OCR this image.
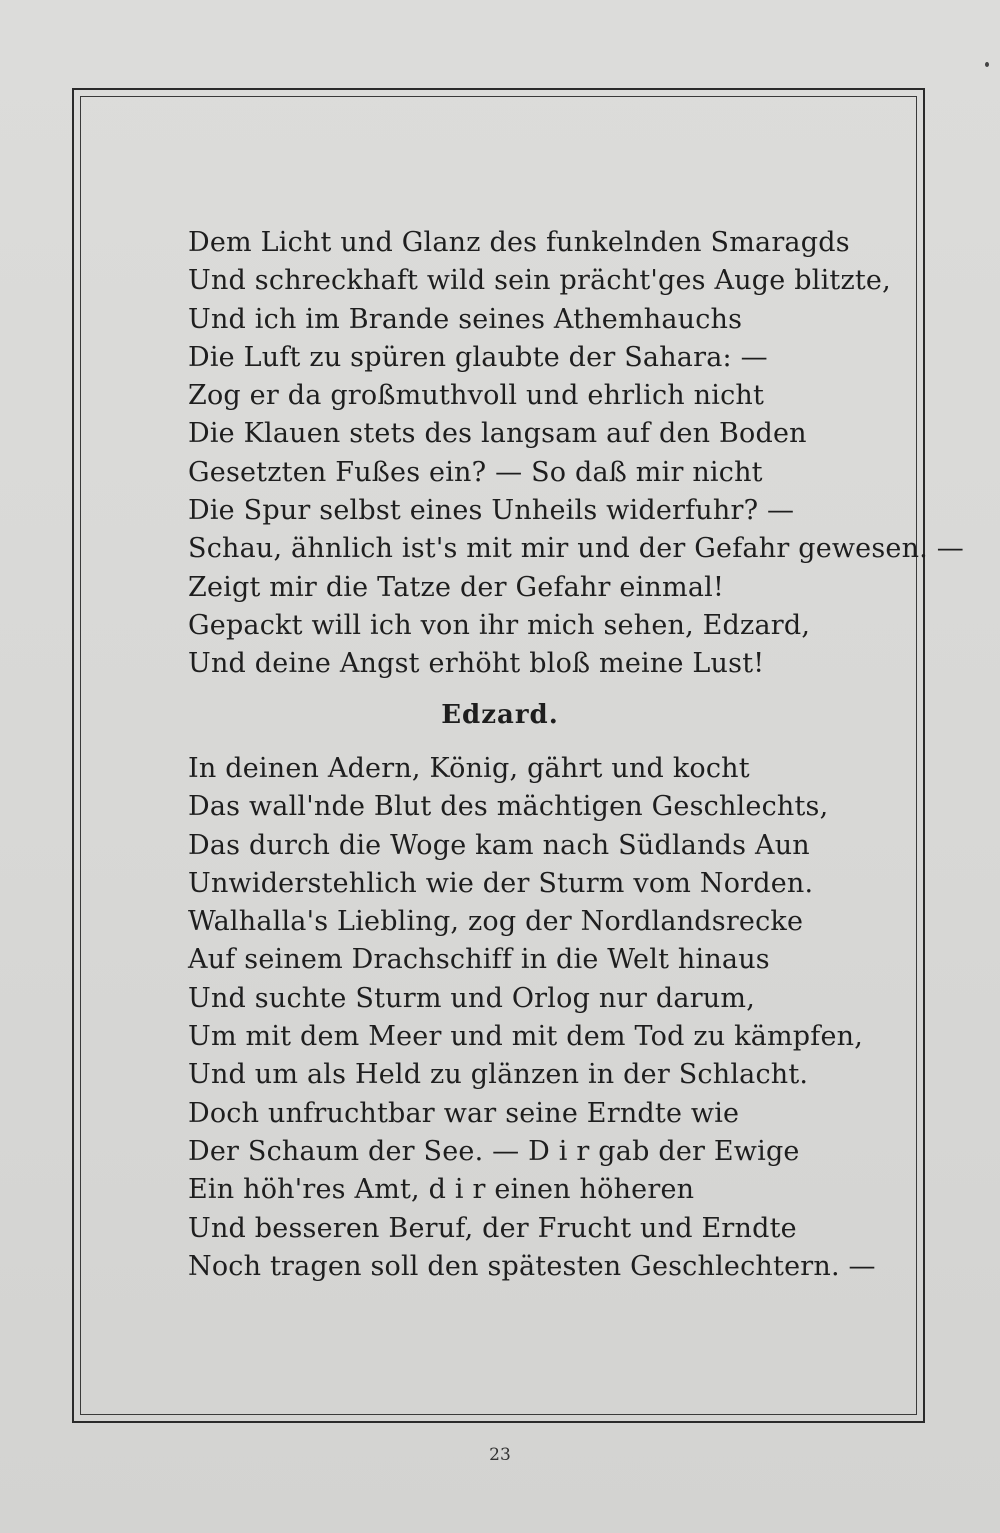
Dem Licht und Glanz des funkelnden Smaragds
Und schreckhaft wild sein prächt'ges Auge blitzte,
Und ich im Brande seines Athemhauchs
Die Luft zu spüren glaubte der Sahara: —
Zog er da großmuthvoll und ehrlich nicht
Die Klauen stets des langsam auf den Boden
Gesetzten Fußes ein? — So daß mir nicht
Die Spur selbst eines Unheils widerfuhr? —
Schau, ähnlich ist's mit mir und der Gefahr gewesen. —
Zeigt mir die Tatze der Gefahr einmal!
Gepackt will ich von ihr mich sehen, Edzard,
Und deine Angst erhöht bloß meine Lust!
Edzard.
In deinen Adern, König, gährt und kocht
Das wall'nde Blut des mächtigen Geschlechts,
Das durch die Woge kam nach Südlands Aun
Unwiderstehlich wie der Sturm vom Norden.
Walhalla's Liebling, zog der Nordlandsrecke
Auf seinem Drachschiff in die Welt hinaus
Und suchte Sturm und Orlog nur darum,
Um mit dem Meer und mit dem Tod zu kämpfen,
Und um als Held zu glänzen in der Schlacht.
Doch unfruchtbar war seine Erndte wie
Der Schaum der See. — D i r gab der Ewige
Ein höh'res Amt, d i r einen höheren
Und besseren Beruf, der Frucht und Erndte
Noch tragen soll den spätesten Geschlechtern. —
23
